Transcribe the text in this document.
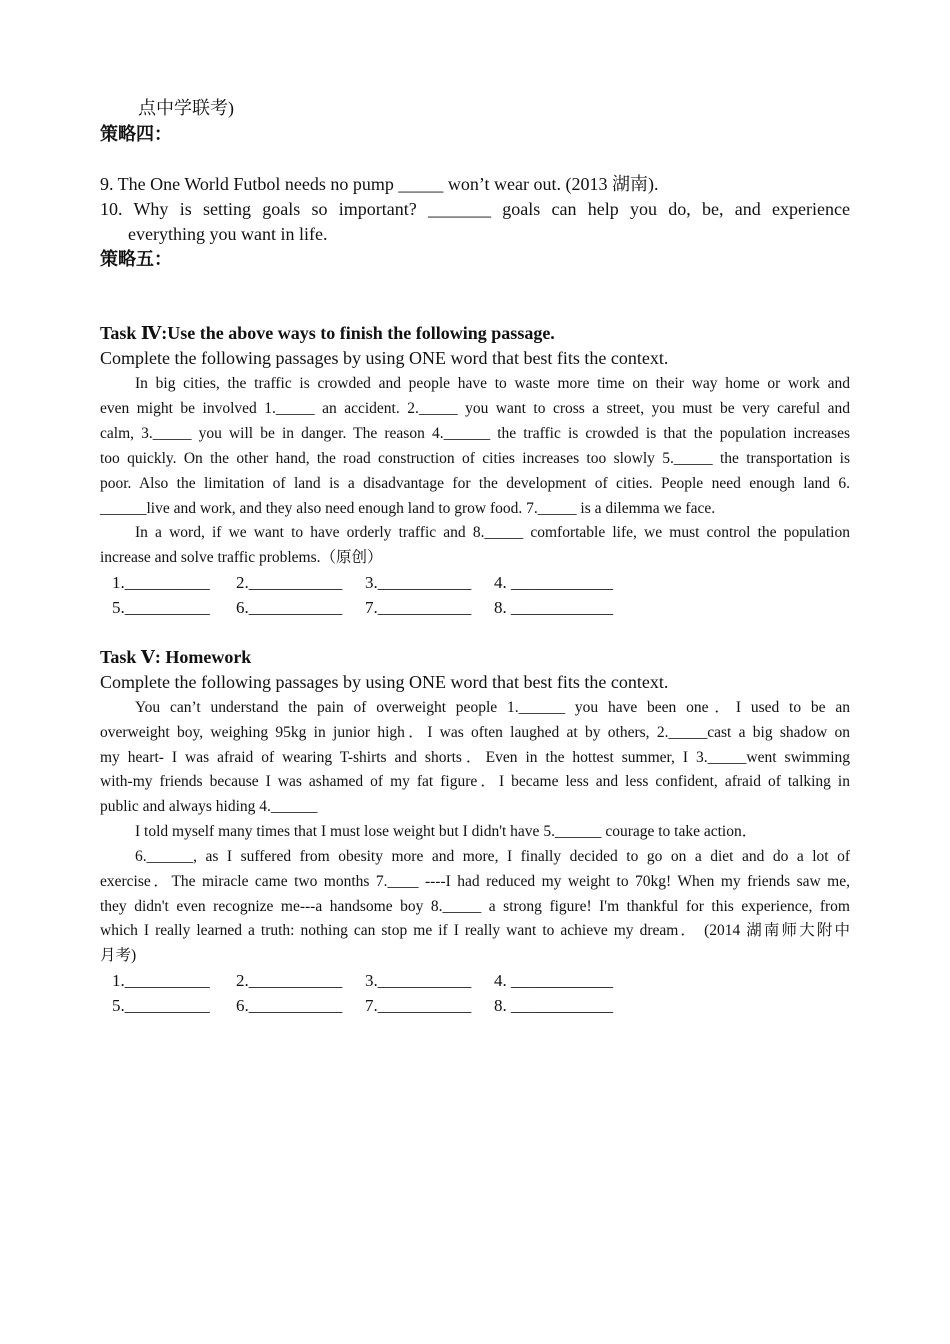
点中学联考)
策略四：
9. The One World Futbol needs no pump _____ won’t wear out. (2013 湖南).
10. Why is setting goals so important? _______ goals can help you do, be, and experience
everything you want in life.
策略五：
Task Ⅳ:Use the above ways to finish the following passage.
Complete the following passages by using ONE word that best fits the context.
In big cities, the traffic is crowded and people have to waste more time on their way home or work and
even might be involved 1._____ an accident. 2._____ you want to cross a street, you must be very careful and
calm, 3._____ you will be in danger. The reason 4.______ the traffic is crowded is that the population increases
too quickly. On the other hand, the road construction of cities increases too slowly 5._____ the transportation is
poor. Also the limitation of land is a disadvantage for the development of cities. People need enough land 6.
______live and work, and they also need enough land to grow food. 7._____ is a dilemma we face.
In a word, if we want to have orderly traffic and 8._____ comfortable life, we must control the population
increase and solve traffic problems.（原创）
1.__________ 2.___________ 3.___________ 4. ____________
5.__________ 6.___________ 7.___________ 8. ____________
Task Ⅴ: Homework
Complete the following passages by using ONE word that best fits the context.
You can’t understand the pain of overweight people 1.______ you have been one．I used to be an
overweight boy, weighing 95kg in junior high．I was often laughed at by others, 2._____cast a big shadow on
my heart- I was afraid of wearing T-shirts and shorts．Even in the hottest summer, I 3._____went swimming
with-my friends because I was ashamed of my fat figure．I became less and less confident, afraid of talking in
public and always hiding 4.______
I told myself many times that I must lose weight but I didn't have 5.______ courage to take action．
6.______, as I suffered from obesity more and more, I finally decided to go on a diet and do a lot of
exercise．The miracle came two months 7.____ ----I had reduced my weight to 70kg! When my friends saw me,
they didn't even recognize me---a handsome boy 8._____ a strong figure! I'm thankful for this experience, from
which I really learned a truth: nothing can stop me if I really want to achieve my dream． (2014 湖南师大附中
月考)
1.__________ 2.___________ 3.___________ 4. ____________
5.__________ 6.___________ 7.___________ 8. ____________
